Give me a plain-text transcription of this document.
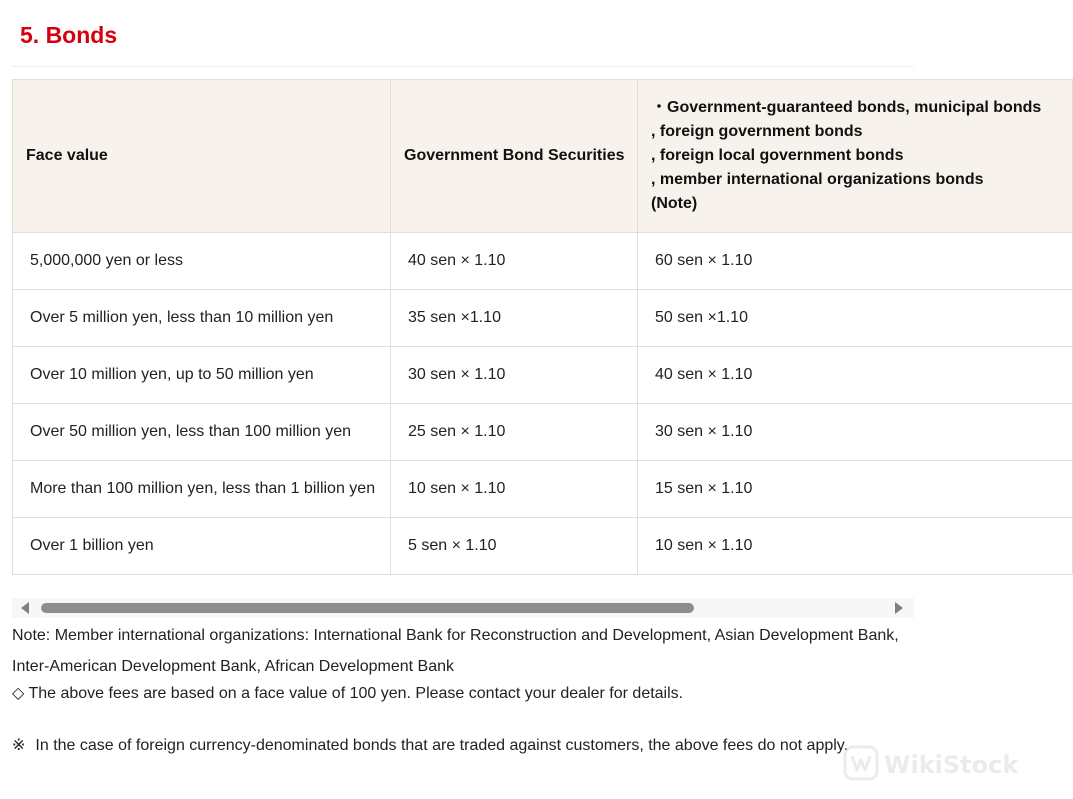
5. Bonds
Face value	Government Bond Securities	・Government-guaranteed bonds, municipal bonds
, foreign government bonds
, foreign local government bonds
, member international organizations bonds
(Note)

5,000,000 yen or less	40 sen × 1.10	60 sen × 1.10
Over 5 million yen, less than 10 million yen	35 sen ×1.10	50 sen ×1.10
Over 10 million yen, up to 50 million yen	30 sen × 1.10	40 sen × 1.10
Over 50 million yen, less than 100 million yen	25 sen × 1.10	30 sen × 1.10
More than 100 million yen, less than 1 billion yen	10 sen × 1.10	15 sen × 1.10
Over 1 billion yen	5 sen × 1.10	10 sen × 1.10

Note: Member international organizations: International Bank for Reconstruction and Development, Asian Development Bank,
Inter-American Development Bank, African Development Bank

◇ The above fees are based on a face value of 100 yen. Please contact your dealer for details.

※ In the case of foreign currency-denominated bonds that are traded against customers, the above fees do not apply.

WikiStock
